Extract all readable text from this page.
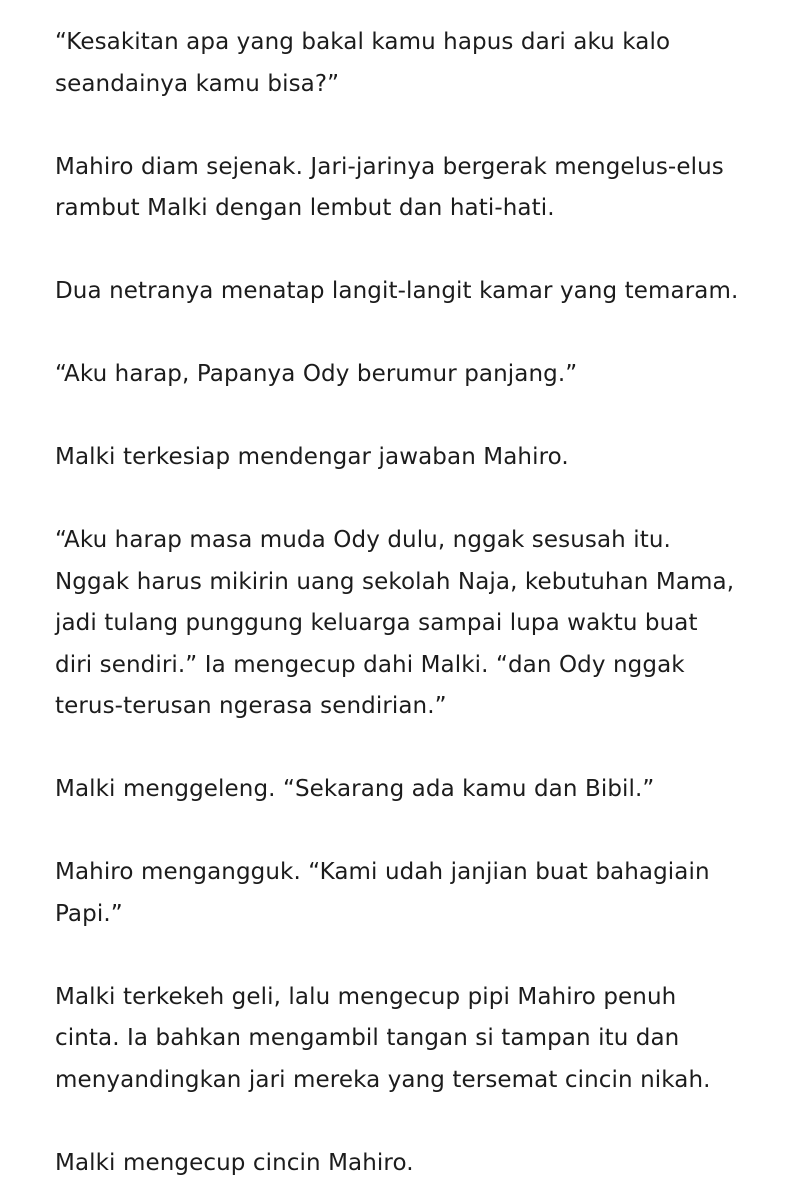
“Kesakitan apa yang bakal kamu hapus dari aku kalo
seandainya kamu bisa?”

Mahiro diam sejenak. Jari-jarinya bergerak mengelus-elus
rambut Malki dengan lembut dan hati-hati.

Dua netranya menatap langit-langit kamar yang temaram.

“Aku harap, Papanya Ody berumur panjang.”

Malki terkesiap mendengar jawaban Mahiro.

“Aku harap masa muda Ody dulu, nggak sesusah itu.
Nggak harus mikirin uang sekolah Naja, kebutuhan Mama,
jadi tulang punggung keluarga sampai lupa waktu buat
diri sendiri.” Ia mengecup dahi Malki. “dan Ody nggak
terus-terusan ngerasa sendirian.”

Malki menggeleng. “Sekarang ada kamu dan Bibil.”

Mahiro mengangguk. “Kami udah janjian buat bahagiain
Papi.”

Malki terkekeh geli, lalu mengecup pipi Mahiro penuh
cinta. Ia bahkan mengambil tangan si tampan itu dan
menyandingkan jari mereka yang tersemat cincin nikah.

Malki mengecup cincin Mahiro.
